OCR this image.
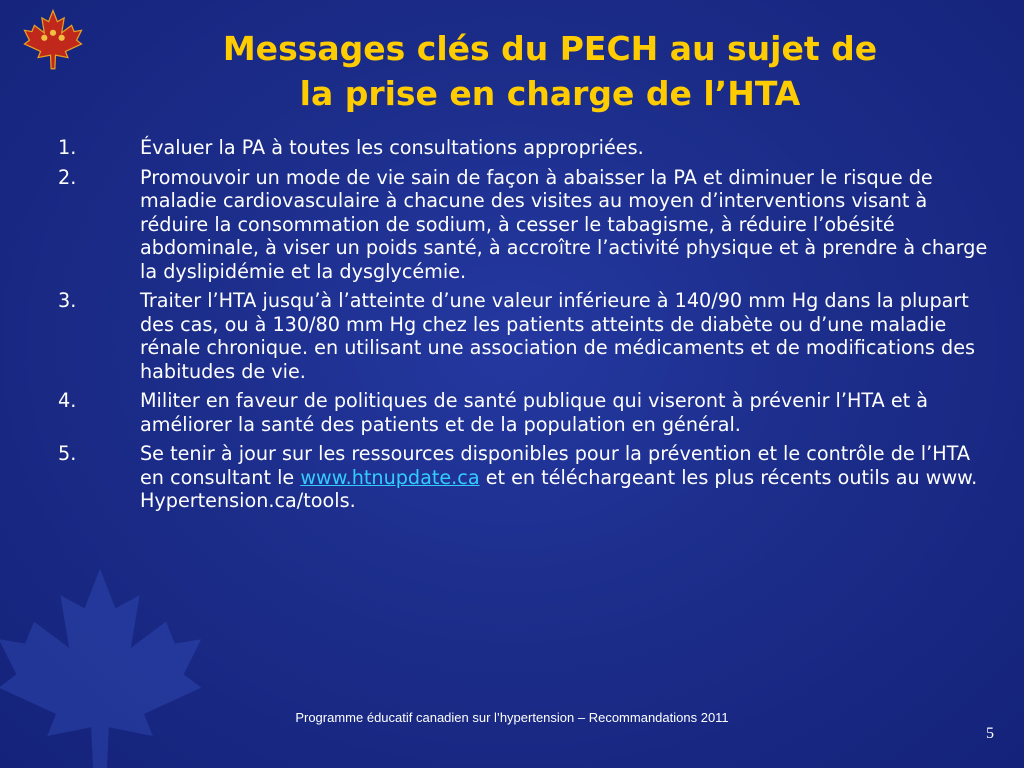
Messages clés du PECH au sujet de
la prise en charge de l’HTA
1.	Évaluer la PA à toutes les consultations appropriées.
2.	Promouvoir un mode de vie sain de façon à abaisser la PA et diminuer le risque de maladie cardiovasculaire à chacune des visites au moyen d’interventions visant à réduire la consommation de sodium, à cesser le tabagisme, à réduire l’obésité abdominale, à viser un poids santé, à accroître l’activité physique et à prendre à charge la dyslipidémie et la dysglycémie.
3.	Traiter l’HTA jusqu’à l’atteinte d’une valeur inférieure à 140/90 mm Hg dans la plupart des cas, ou à 130/80 mm Hg chez les patients atteints de diabète ou d’une maladie rénale chronique. en utilisant une association de médicaments et de modifications des habitudes de vie.
4.	Militer en faveur de politiques de santé publique qui viseront à prévenir l’HTA et à améliorer la santé des patients et de la population en général.
5.	Se tenir à jour sur les ressources disponibles pour la prévention et le contrôle de l’HTA en consultant le www.htnupdate.ca et en téléchargeant les plus récents outils au www. Hypertension.ca/tools.
Programme éducatif canadien sur l’hypertension – Recommandations 2011
5
